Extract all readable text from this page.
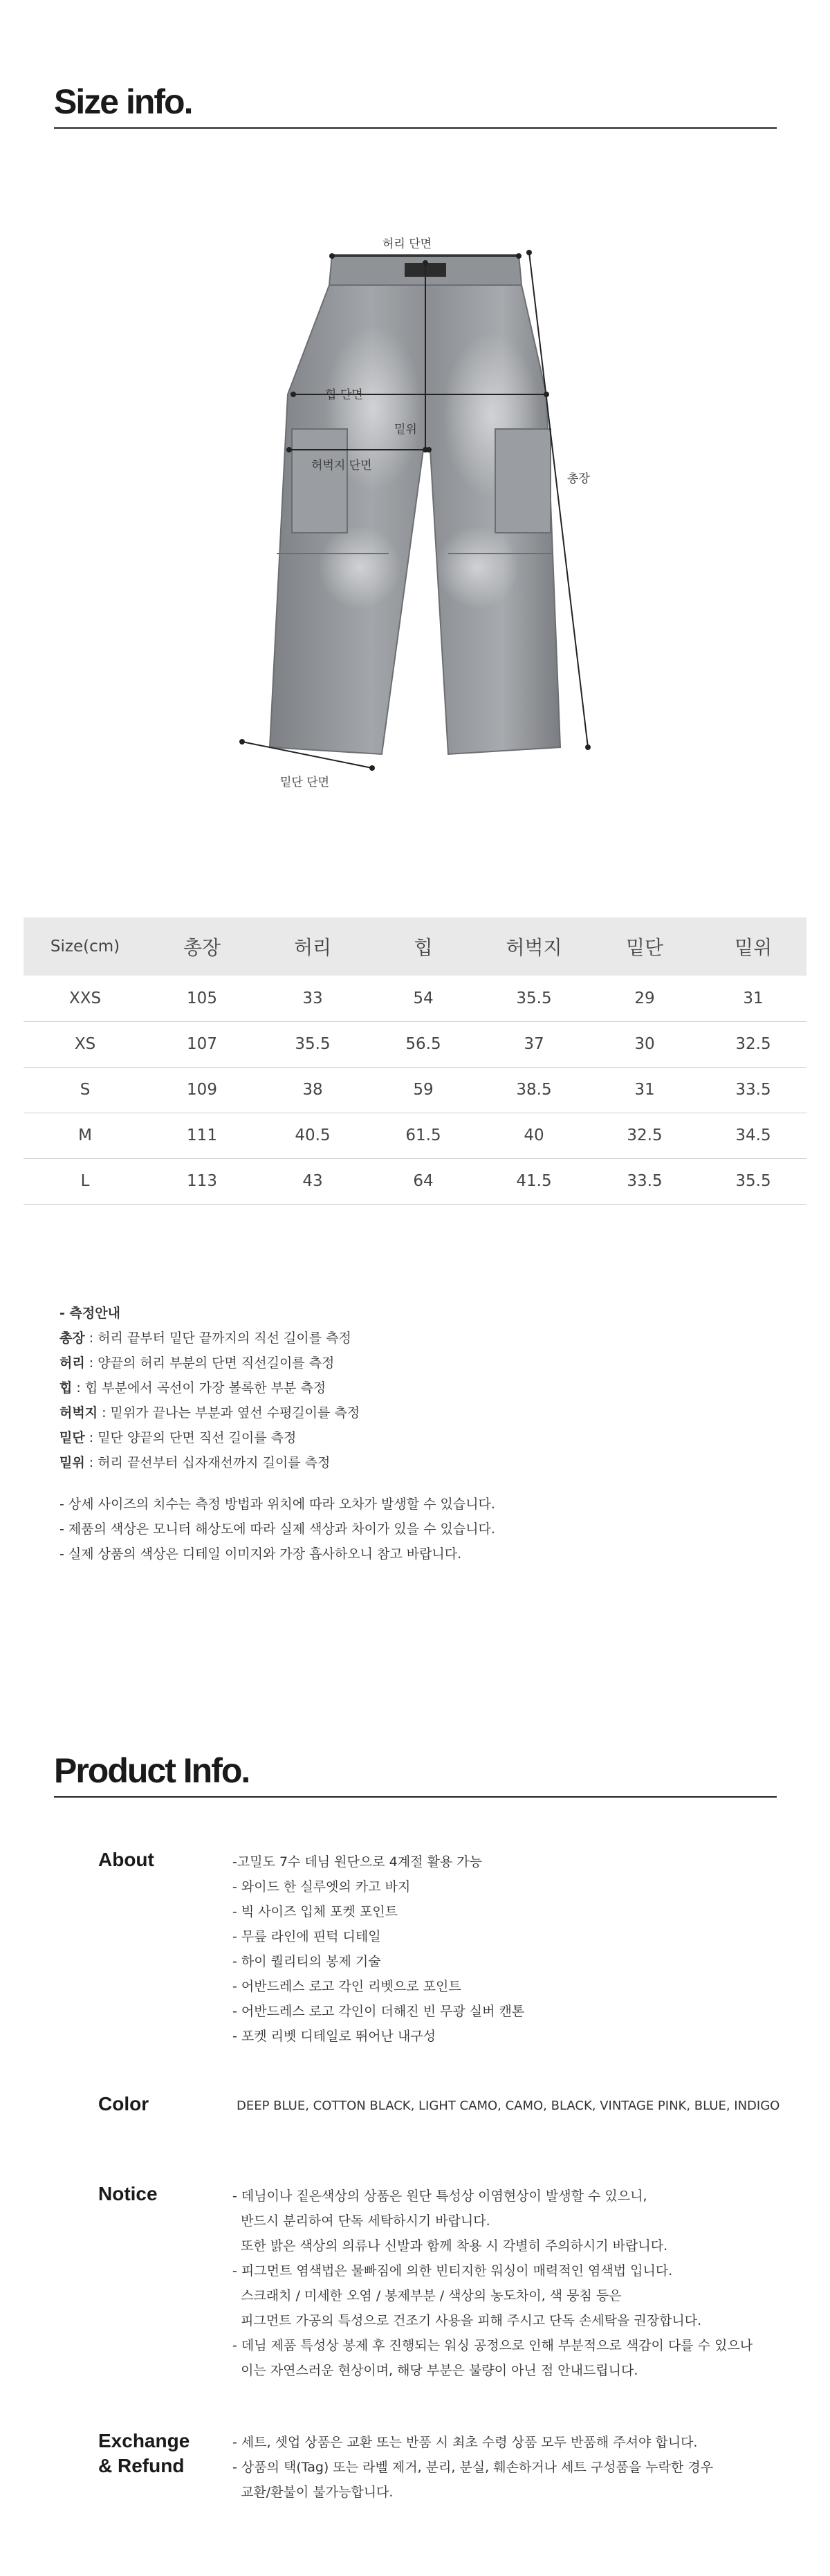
Size info.
허리 단면
힙 단면
밑위
허벅지 단면
총장
밑단 단면
Size(cm)	총장	허리	힙	허벅지	밑단	밑위
XXS	105	33	54	35.5	29	31
XS	107	35.5	56.5	37	30	32.5
S	109	38	59	38.5	31	33.5
M	111	40.5	61.5	40	32.5	34.5
L	113	43	64	41.5	33.5	35.5
- 측정안내
총장 : 허리 끝부터 밑단 끝까지의 직선 길이를 측정
허리 : 양끝의 허리 부분의 단면 직선길이를 측정
힙 : 힙 부분에서 곡선이 가장 볼록한 부분 측정
허벅지 : 밑위가 끝나는 부분과 옆선 수평길이를 측정
밑단 : 밑단 양끝의 단면 직선 길이를 측정
밑위 : 허리 끝선부터 십자재선까지 길이를 측정
- 상세 사이즈의 치수는 측정 방법과 위치에 따라 오차가 발생할 수 있습니다.
- 제품의 색상은 모니터 해상도에 따라 실제 색상과 차이가 있을 수 있습니다.
- 실제 상품의 색상은 디테일 이미지와 가장 흡사하오니 참고 바랍니다.
Product Info.
About	-고밀도 7수 데님 원단으로 4계절 활용 가능
- 와이드 한 실루엣의 카고 바지
- 빅 사이즈 입체 포켓 포인트
- 무릎 라인에 핀턱 디테일
- 하이 퀄리티의 봉제 기술
- 어반드레스 로고 각인 리벳으로 포인트
- 어반드레스 로고 각인이 더해진 빈 무광 실버 캔톤
- 포켓 리벳 디테일로 뛰어난 내구성
Color	DEEP BLUE, COTTON BLACK, LIGHT CAMO, CAMO, BLACK, VINTAGE PINK, BLUE, INDIGO
Notice	- 데님이나 짙은색상의 상품은 원단 특성상 이염현상이 발생할 수 있으니,
반드시 분리하여 단독 세탁하시기 바랍니다.
또한 밝은 색상의 의류나 신발과 함께 착용 시 각별히 주의하시기 바랍니다.
- 피그먼트 염색법은 물빠짐에 의한 빈티지한 워싱이 매력적인 염색법 입니다.
스크래치 / 미세한 오염 / 봉제부분 / 색상의 농도차이, 색 뭉침 등은
피그먼트 가공의 특성으로 건조기 사용을 피해 주시고 단독 손세탁을 권장합니다.
- 데님 제품 특성상 봉제 후 진행되는 워싱 공정으로 인해 부분적으로 색감이 다를 수 있으나
이는 자연스러운 현상이며, 해당 부분은 불량이 아닌 점 안내드립니다.
Exchange
& Refund
- 세트, 셋업 상품은 교환 또는 반품 시 최초 수령 상품 모두 반품해 주셔야 합니다.
- 상품의 택(Tag) 또는 라벨 제거, 분리, 분실, 훼손하거나 세트 구성품을 누락한 경우
교환/환불이 불가능합니다.
